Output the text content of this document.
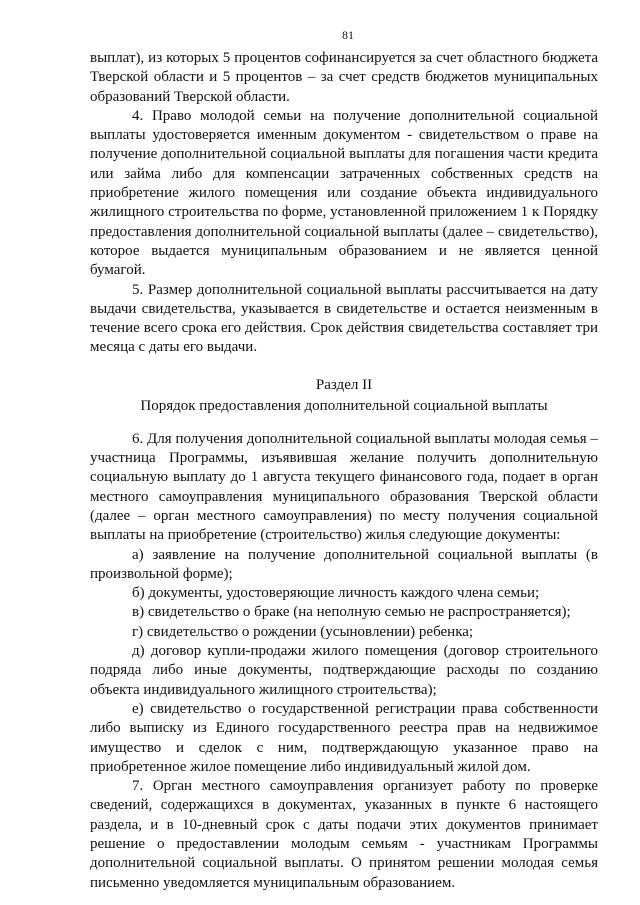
81

выплат), из которых 5 процентов софинансируется за счет областного бюджета Тверской области и 5 процентов – за счет средств бюджетов муниципальных образований Тверской области.

4. Право молодой семьи на получение дополнительной социальной выплаты удостоверяется именным документом - свидетельством о праве на получение дополнительной социальной выплаты для погашения части кредита или займа либо для компенсации затраченных собственных средств на приобретение жилого помещения или создание объекта индивидуального жилищного строительства по форме, установленной приложением 1 к Порядку предоставления дополнительной социальной выплаты (далее – свидетельство), которое выдается муниципальным образованием и не является ценной бумагой.

5. Размер дополнительной социальной выплаты рассчитывается на дату выдачи свидетельства, указывается в свидетельстве и остается неизменным в течение всего срока его действия. Срок действия свидетельства составляет три месяца с даты его выдачи.

Раздел II

Порядок предоставления дополнительной социальной выплаты

6. Для получения дополнительной социальной выплаты молодая семья – участница Программы, изъявившая желание получить дополнительную социальную выплату до 1 августа текущего финансового года, подает в орган местного самоуправления муниципального образования Тверской области (далее – орган местного самоуправления) по месту получения социальной выплаты на приобретение (строительство) жилья следующие документы:

а) заявление на получение дополнительной социальной выплаты (в произвольной форме);

б) документы, удостоверяющие личность каждого члена семьи;

в) свидетельство о браке (на неполную семью не распространяется);

г) свидетельство о рождении (усыновлении) ребенка;

д) договор купли-продажи жилого помещения (договор строительного подряда либо иные документы, подтверждающие расходы по созданию объекта индивидуального жилищного строительства);

е) свидетельство о государственной регистрации права собственности либо выписку из Единого государственного реестра прав на недвижимое имущество и сделок с ним, подтверждающую указанное право на приобретенное жилое помещение либо индивидуальный жилой дом.

7. Орган местного самоуправления организует работу по проверке сведений, содержащихся в документах, указанных в пункте 6 настоящего раздела, и в 10-дневный срок с даты подачи этих документов принимает решение о предоставлении молодым семьям - участникам Программы дополнительной социальной выплаты. О принятом решении молодая семья письменно уведомляется муниципальным образованием.
